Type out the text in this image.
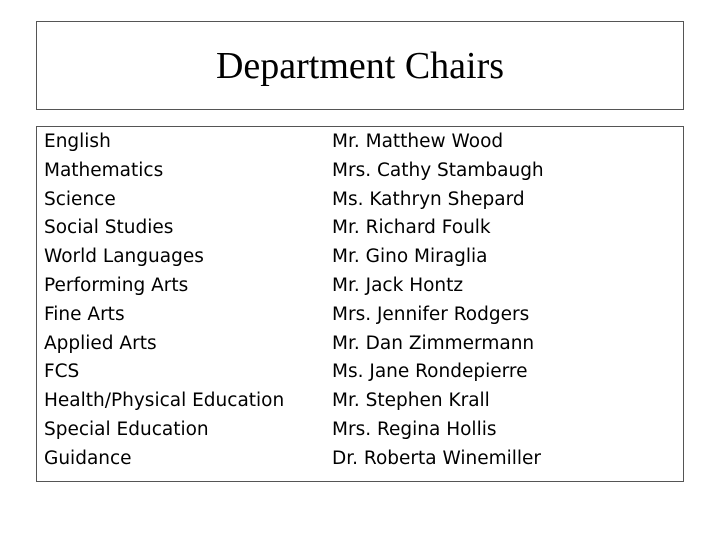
Department Chairs
English
Mathematics
Science
Social Studies
World Languages
Performing Arts
Fine Arts
Applied Arts
FCS
Health/Physical Education
Special Education
Guidance
Mr. Matthew Wood
Mrs. Cathy Stambaugh
Ms. Kathryn Shepard
Mr. Richard Foulk
Mr. Gino Miraglia
Mr. Jack Hontz
Mrs. Jennifer Rodgers
Mr. Dan Zimmermann
Ms. Jane Rondepierre
Mr. Stephen Krall
Mrs. Regina Hollis
Dr. Roberta Winemiller
